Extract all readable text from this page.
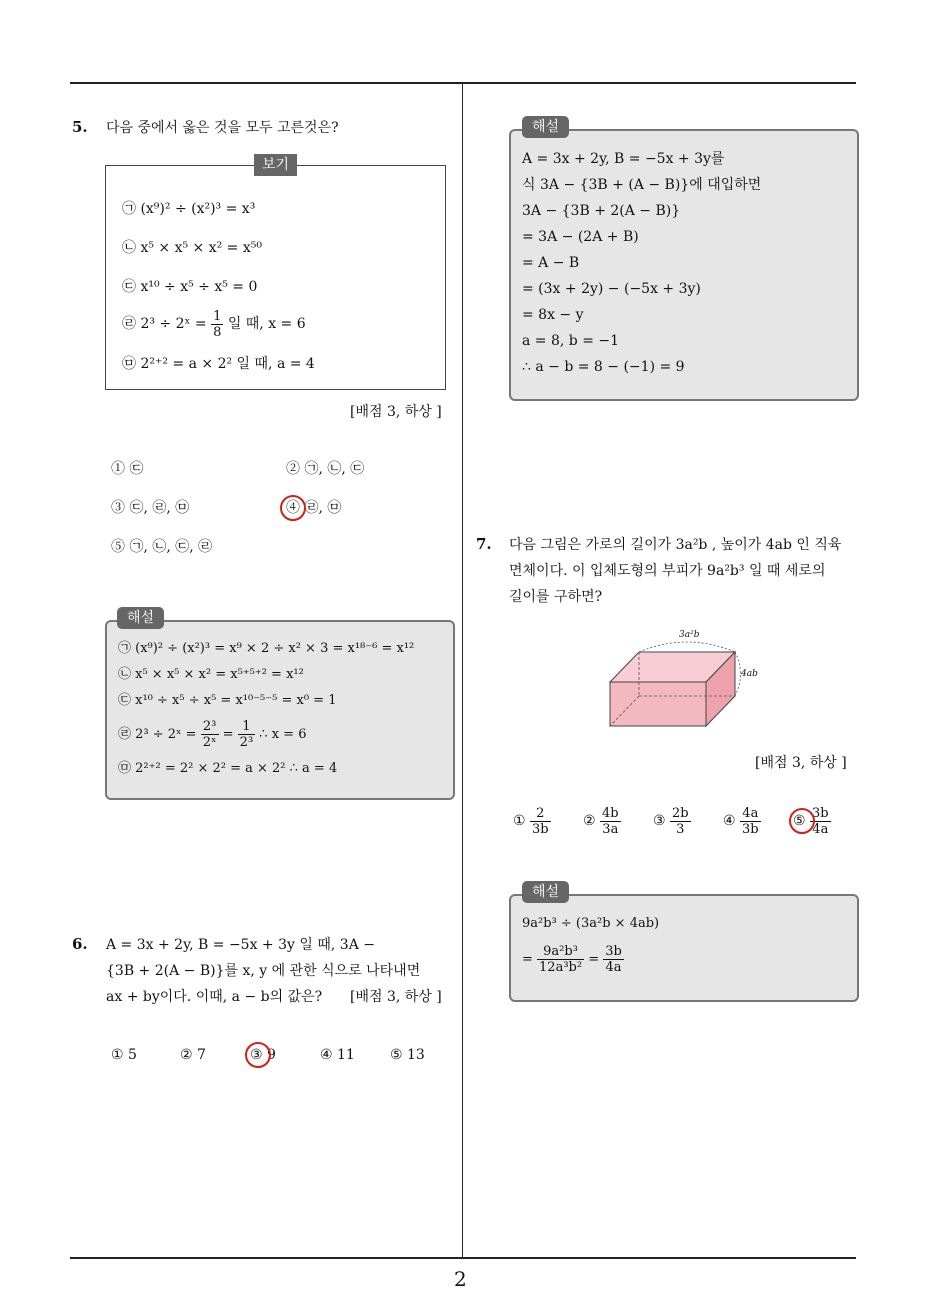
2
5. 다음 중에서 옳은 것을 모두 고른것은?
보기
㉠ (x⁹)² ÷ (x²)³ = x³
㉡ x⁵ × x⁵ × x² = x⁵⁰
㉢ x¹⁰ ÷ x⁵ ÷ x⁵ = 0
㉣ 2³ ÷ 2ˣ = $\frac{1}{8}$ 일 때, x = 6
㉤ 2²⁺² = a × 2² 일 때, a = 4
[배점 3, 하상 ]
① ㉢	② ㉠, ㉡, ㉢
③ ㉢, ㉣, ㉤	④ ㉣, ㉤
⑤ ㉠, ㉡, ㉢, ㉣
해설
㉠ (x⁹)² ÷ (x²)³ = x⁹ × 2 ÷ x² × 3 = x¹⁸⁻⁶ = x¹²
㉡ x⁵ × x⁵ × x² = x⁵⁺⁵⁺² = x¹²
㉢ x¹⁰ ÷ x⁵ ÷ x⁵ = x¹⁰⁻⁵⁻⁵ = x⁰ = 1
㉣ 2³ ÷ 2ˣ = $\frac{\text{2³}}{\text{2ˣ}} = \frac{1}{\text{2³}}$ ∴ x = 6
㉤ 2²⁺² = 2² × 2² = a × 2² ∴ a = 4
6. A = 3x + 2y, B = −5x + 3y 일 때, 3A −
{3B + 2(A − B)}를 x, y 에 관한 식으로 나타내면
ax + by이다. 이때, a − b의 값은? [배점 3, 하상 ]
① 5	② 7	③ 9	④ 11	⑤ 13
해설
A = 3x + 2y, B = −5x + 3y를
식 3A − {3B + (A − B)}에 대입하면
3A − {3B + 2(A − B)}
= 3A − (2A + B)
= A − B
= (3x + 2y) − (−5x + 3y)
= 8x − y
a = 8, b = −1
∴ a − b = 8 − (−1) = 9
7. 다음 그림은 가로의 길이가 3a²b , 높이가 4ab 인 직육
면체이다. 이 입체도형의 부피가 9a²b³ 일 때 세로의
길이를 구하면?
3a²b
4ab
[배점 3, 하상 ]
① $\frac{2}{3b}$ ② $\frac{4b}{3a}$ ③ $\frac{2b}{3}$ ④ $\frac{4a}{3b}$ ⑤ $\frac{3b}{4a}$
해설
9a²b³ ÷ (3a²b × 4ab)
= $\frac{\text{9a²b³}}{\text{12a³b²}} = \frac{3b}{4a}$
